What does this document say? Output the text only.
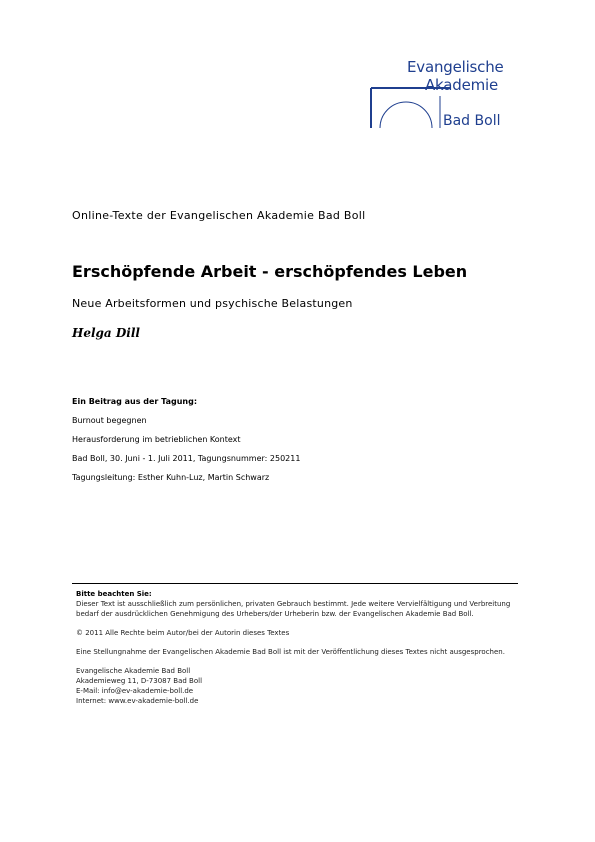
Evangelische
Akademie
Bad Boll
Online-Texte der Evangelischen Akademie Bad Boll
Erschöpfende Arbeit - erschöpfendes Leben
Neue Arbeitsformen und psychische Belastungen
Helga Dill
Ein Beitrag aus der Tagung:
Burnout begegnen
Herausforderung im betrieblichen Kontext
Bad Boll, 30. Juni - 1. Juli 2011, Tagungsnummer: 250211
Tagungsleitung: Esther Kuhn-Luz, Martin Schwarz
Bitte beachten Sie:

Dieser Text ist ausschließlich zum persönlichen, privaten Gebrauch bestimmt. Jede weitere Vervielfältigung und Verbreitung bedarf der ausdrücklichen Genehmigung des Urhebers/der Urheberin bzw. der Evangelischen Akademie Bad Boll.

© 2011 Alle Rechte beim Autor/bei der Autorin dieses Textes

Eine Stellungnahme der Evangelischen Akademie Bad Boll ist mit der Veröffentlichung dieses Textes nicht ausgesprochen.

Evangelische Akademie Bad Boll
Akademieweg 11, D-73087 Bad Boll
E-Mail: info@ev-akademie-boll.de
Internet: www.ev-akademie-boll.de
